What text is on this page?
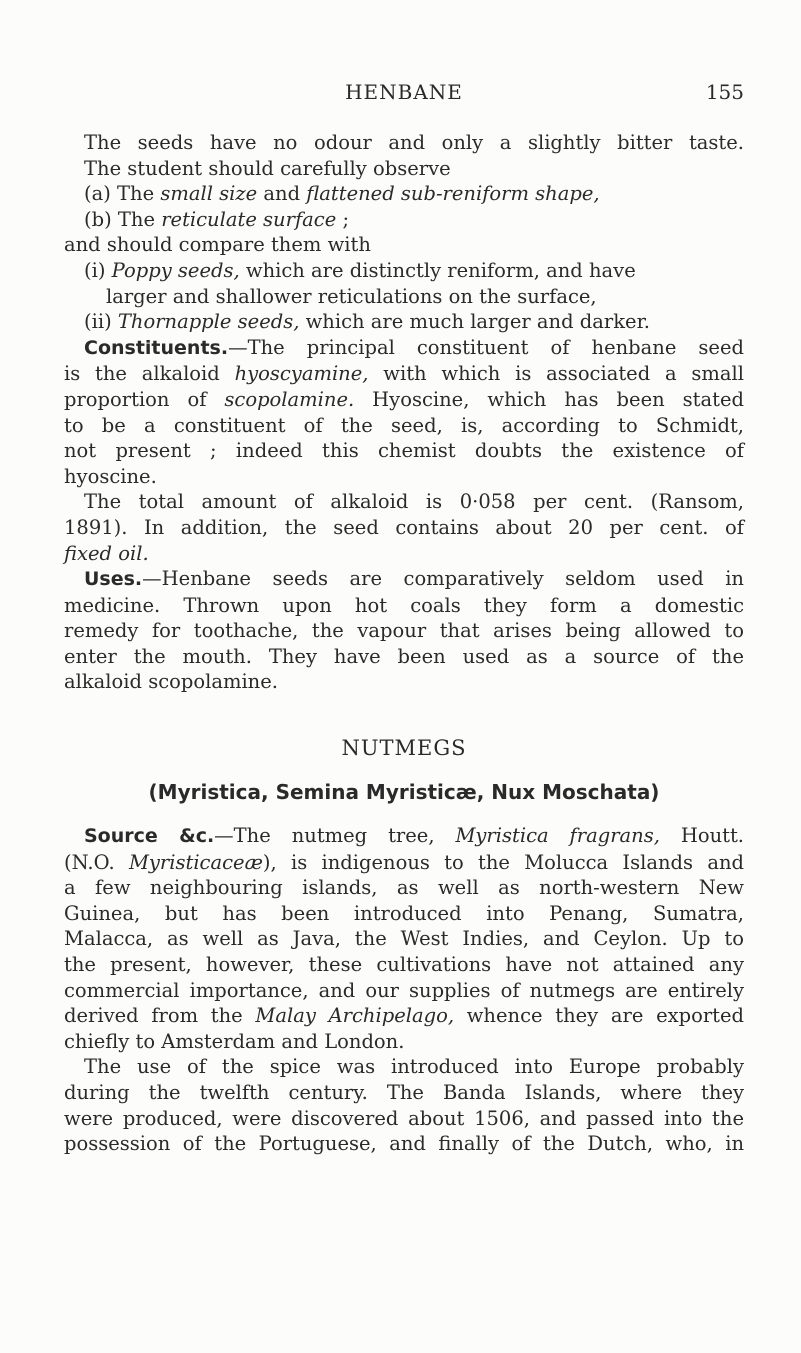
HENBANE	155
The seeds have no odour and only a slightly bitter taste.
The student should carefully observe
(a) The small size and flattened sub-reniform shape,
(b) The reticulate surface ;
and should compare them with
(i) Poppy seeds, which are distinctly reniform, and have
larger and shallower reticulations on the surface,
(ii) Thornapple seeds, which are much larger and darker.
Constituents.—The principal constituent of henbane seed
is the alkaloid hyoscyamine, with which is associated a small
proportion of scopolamine. Hyoscine, which has been stated
to be a constituent of the seed, is, according to Schmidt,
not present ; indeed this chemist doubts the existence of
hyoscine.
The total amount of alkaloid is 0·058 per cent. (Ransom,
1891). In addition, the seed contains about 20 per cent. of
fixed oil.
Uses.—Henbane seeds are comparatively seldom used in
medicine. Thrown upon hot coals they form a domestic
remedy for toothache, the vapour that arises being allowed to
enter the mouth. They have been used as a source of the
alkaloid scopolamine.
NUTMEGS
(Myristica, Semina Myristicæ, Nux Moschata)
Source &c.—The nutmeg tree, Myristica fragrans, Houtt.
(N.O. Myristicaceæ), is indigenous to the Molucca Islands and
a few neighbouring islands, as well as north-western New
Guinea, but has been introduced into Penang, Sumatra,
Malacca, as well as Java, the West Indies, and Ceylon. Up to
the present, however, these cultivations have not attained any
commercial importance, and our supplies of nutmegs are entirely
derived from the Malay Archipelago, whence they are exported
chiefly to Amsterdam and London.
The use of the spice was introduced into Europe probably
during the twelfth century. The Banda Islands, where they
were produced, were discovered about 1506, and passed into the
possession of the Portuguese, and finally of the Dutch, who, in
